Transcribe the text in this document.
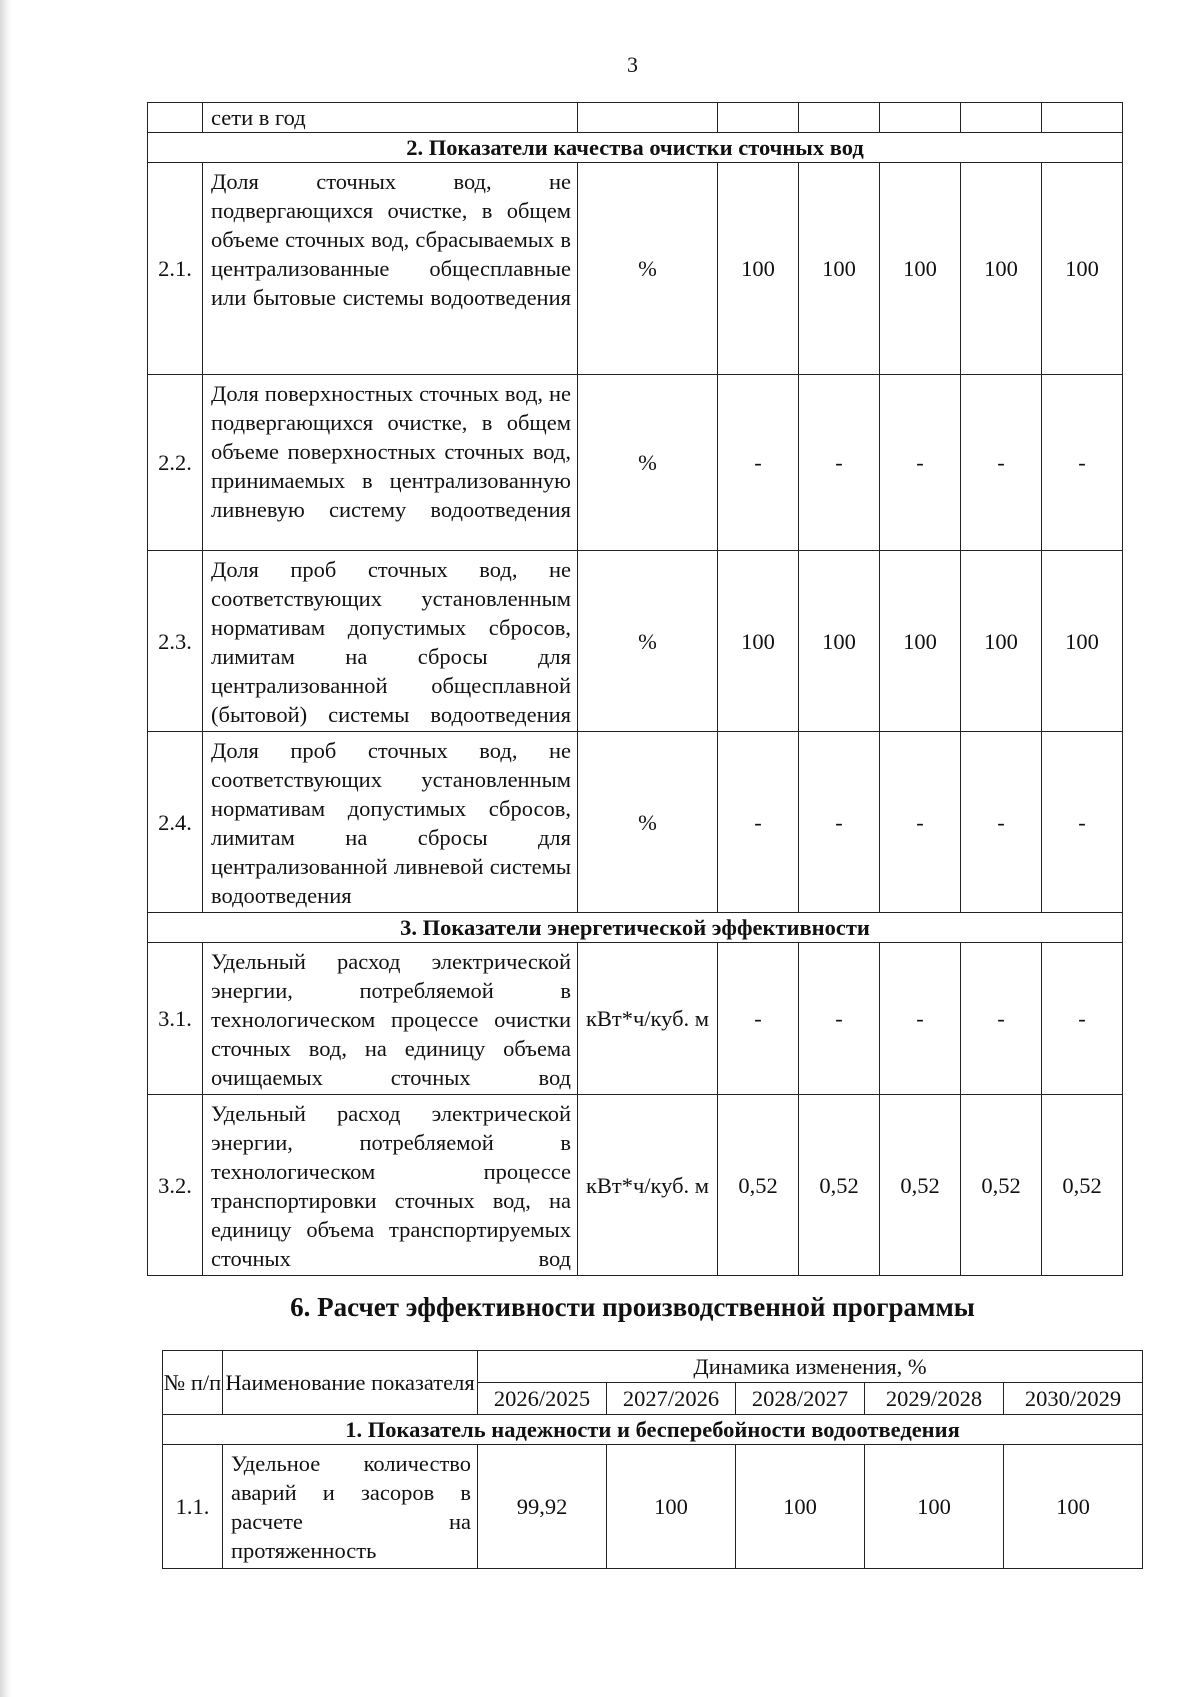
3
	сети в год						
2. Показатели качества очистки сточных вод							
2.1.	Доля сточных вод, не подвергающихся очистке, в общем объеме сточных вод, сбрасываемых в централизованные общесплавные или бытовые системы водоотведения	%	100	100	100	100	100
2.2.	Доля поверхностных сточных вод, не подвергающихся очистке, в общем объеме поверхностных сточных вод, принимаемых в централизованную ливневую систему водоотведения	%	-	-	-	-	-
2.3.	Доля проб сточных вод, не соответствующих установленным нормативам допустимых сбросов, лимитам на сбросы для централизованной общесплавной (бытовой) системы водоотведения	%	100	100	100	100	100
2.4.	Доля проб сточных вод, не соответствующих установленным нормативам допустимых сбросов, лимитам на сбросы для централизованной ливневой системы водоотведения	%	-	-	-	-	-
3. Показатели энергетической эффективности							
3.1.	Удельный расход электрической энергии, потребляемой в технологическом процессе очистки сточных вод, на единицу объема очищаемых сточных вод	кВт*ч/куб. м	-	-	-	-	-
3.2.	Удельный расход электрической энергии, потребляемой в технологическом процессе транспортировки сточных вод, на единицу объема транспортируемых сточных вод	кВт*ч/куб. м	0,52	0,52	0,52	0,52	0,52
6. Расчет эффективности производственной программы
№ п/п	Наименование показателя	Динамика изменения, %				
		2026/2025	2027/2026	2028/2027	2029/2028	2030/2029
1. Показатель надежности и бесперебойности водоотведения						
1.1.	Удельное количество аварий и засоров в расчете на протяженность	99,92	100	100	100	100
